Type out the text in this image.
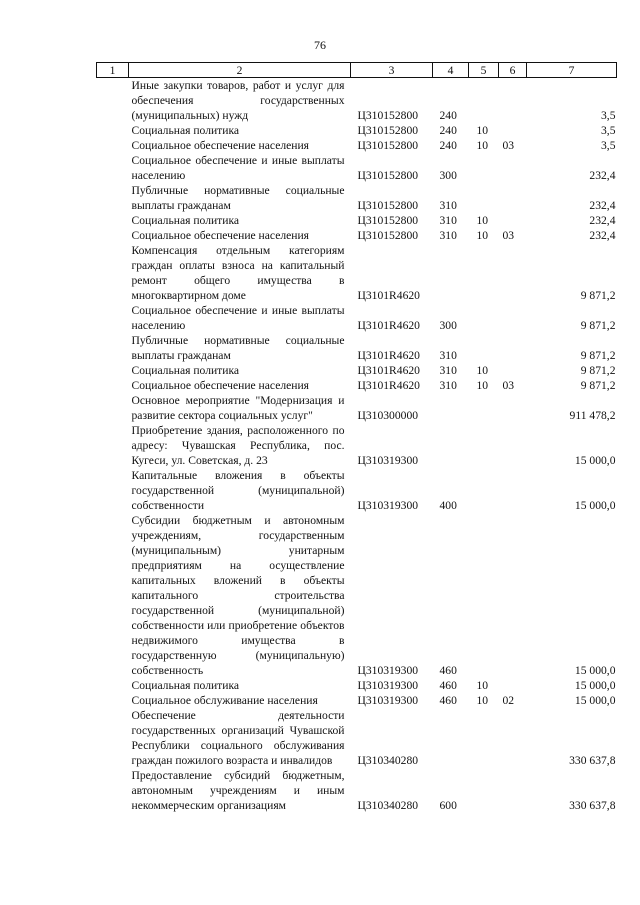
76
1	2	3	4	5	6	7
	Иные закупки товаров, работ и услуг для обеспечения государственных (муниципальных) нужд	Ц310152800	240			3,5
	Социальная политика	Ц310152800	240	10		3,5
	Социальное обеспечение населения	Ц310152800	240	10	03	3,5
	Социальное обеспечение и иные выплаты населению	Ц310152800	300			232,4
	Публичные нормативные социальные выплаты гражданам	Ц310152800	310			232,4
	Социальная политика	Ц310152800	310	10		232,4
	Социальное обеспечение населения	Ц310152800	310	10	03	232,4
	Компенсация отдельным категориям граждан оплаты взноса на капитальный ремонт общего имущества в многоквартирном доме	Ц3101R4620				9 871,2
	Социальное обеспечение и иные выплаты населению	Ц3101R4620	300			9 871,2
	Публичные нормативные социальные выплаты гражданам	Ц3101R4620	310			9 871,2
	Социальная политика	Ц3101R4620	310	10		9 871,2
	Социальное обеспечение населения	Ц3101R4620	310	10	03	9 871,2
	Основное мероприятие "Модернизация и развитие сектора социальных услуг"	Ц310300000				911 478,2
	Приобретение здания, расположенного по адресу: Чувашская Республика, пос. Кугеси, ул. Советская, д. 23	Ц310319300				15 000,0
	Капитальные вложения в объекты государственной (муниципальной) собственности	Ц310319300	400			15 000,0
	Субсидии бюджетным и автономным учреждениям, государственным (муниципальным) унитарным предприятиям на осуществление капитальных вложений в объекты капитального строительства государственной (муниципальной) собственности или приобретение объектов недвижимого имущества в государственную (муниципальную) собственность	Ц310319300	460			15 000,0
	Социальная политика	Ц310319300	460	10		15 000,0
	Социальное обслуживание населения	Ц310319300	460	10	02	15 000,0
	Обеспечение деятельности государственных организаций Чувашской Республики социального обслуживания граждан пожилого возраста и инвалидов	Ц310340280				330 637,8
	Предоставление субсидий бюджетным, автономным учреждениям и иным некоммерческим организациям	Ц310340280	600			330 637,8
